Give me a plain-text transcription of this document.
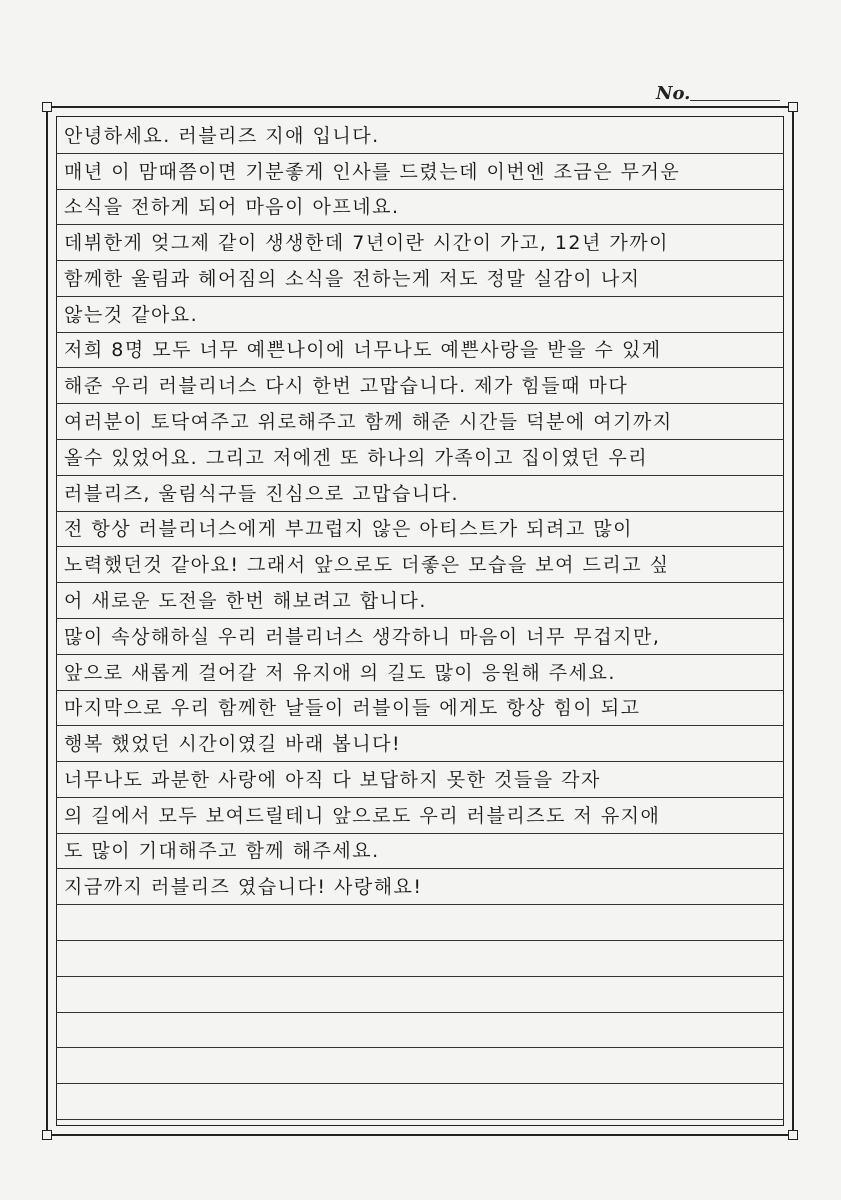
No.
안녕하세요. 러블리즈 지애 입니다.
매년 이 맘때쯤이면 기분좋게 인사를 드렸는데 이번엔 조금은 무거운
소식을 전하게 되어 마음이 아프네요.
데뷔한게 엊그제 같이 생생한데 7년이란 시간이 가고, 12년 가까이
함께한 울림과 헤어짐의 소식을 전하는게 저도 정말 실감이 나지
않는것 같아요.
저희 8명 모두 너무 예쁜나이에 너무나도 예쁜사랑을 받을 수 있게
해준 우리 러블리너스 다시 한번 고맙습니다. 제가 힘들때 마다
여러분이 토닥여주고 위로해주고 함께 해준 시간들 덕분에 여기까지
올수 있었어요. 그리고 저에겐 또 하나의 가족이고 집이였던 우리
러블리즈, 울림식구들 진심으로 고맙습니다.
전 항상 러블리너스에게 부끄럽지 않은 아티스트가 되려고 많이
노력했던것 같아요! 그래서 앞으로도 더좋은 모습을 보여 드리고 싶
어 새로운 도전을 한번 해보려고 합니다.
많이 속상해하실 우리 러블리너스 생각하니 마음이 너무 무겁지만,
앞으로 새롭게 걸어갈 저 유지애 의 길도 많이 응원해 주세요.
마지막으로 우리 함께한 날들이 러블이들 에게도 항상 힘이 되고
행복 했었던 시간이였길 바래 봅니다!
너무나도 과분한 사랑에 아직 다 보답하지 못한 것들을 각자
의 길에서 모두 보여드릴테니 앞으로도 우리 러블리즈도 저 유지애
도 많이 기대해주고 함께 해주세요.
지금까지 러블리즈 였습니다! 사랑해요!
